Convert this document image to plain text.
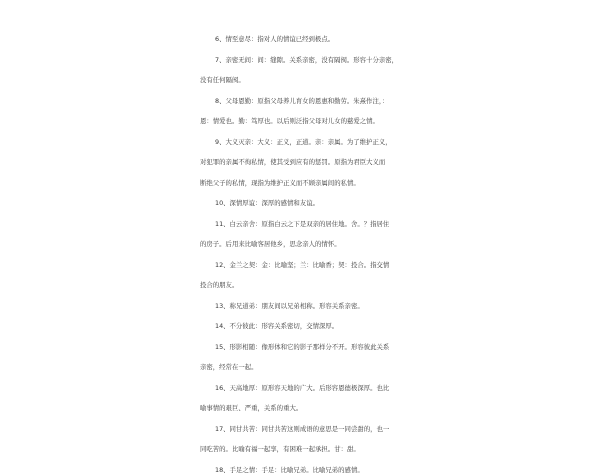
6、情至意尽：指对人的情谊已经到极点。
7、亲密无间：间：缝隙。关系亲密，没有隔阂。形容十分亲密，
没有任何隔阂。
8、父母恩勤：原指父母养儿育女的恩惠和勤劳。朱熹作注，：
恩：情爱也。勤：笃厚也。以后则泛指父母对儿女的慈爱之情。
9、大义灭亲：大义：正义，正道。亲：亲属。为了维护正义，
对犯罪的亲属不徇私情，使其受到应有的惩罚。原指为君臣大义而
断绝父子的私情，现指为维护正义而不顾亲属间的私情。
10、深情厚谊：深厚的感情和友谊。
11、白云亲舍：原指白云之下是双亲的居住地。舍。？指居住
的房子。后用来比喻客居他乡，思念亲人的情怀。
12、金兰之契：金：比喻坚；兰：比喻香；契：投合。指交情
投合的朋友。
13、称兄道弟：朋友间以兄弟相称。形容关系亲密。
14、不分彼此：形容关系密切，交情深厚。
15、形影相随：像形体和它的影子那样分不开。形容彼此关系
亲密，经常在一起。
16、天高地厚：原形容天地的广大。后形容恩德极深厚。也比
喻事情的艰巨、严重，关系的重大。
17、同甘共苦：同甘共苦这则成语的意思是一同尝甜的，也一
同吃苦的。比喻有福一起享，有困难一起承担。甘：甜。
18、手足之情：手足：比喻兄弟。比喻兄弟的感情。
